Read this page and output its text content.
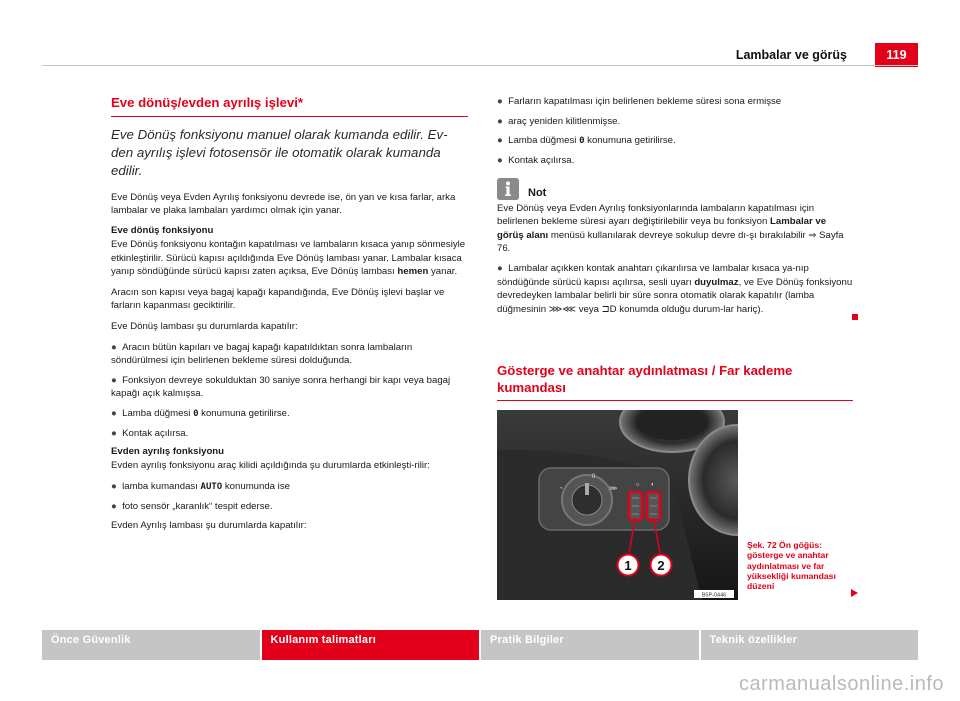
Lambalar ve görüş	119
Eve dönüş/evden ayrılış işlevi*

Eve Dönüş fonksiyonu manuel olarak kumanda edilir. Ev-den ayrılış işlevi fotosensör ile otomatik olarak kumanda edilir.

Eve Dönüş veya Evden Ayrılış fonksiyonu devrede ise, ön yan ve kısa farlar, arka lambalar ve plaka lambaları yardımcı olmak için yanar.

Eve dönüş fonksiyonu

Eve Dönüş fonksiyonu kontağın kapatılması ve lambaların kısaca yanıp sönmesiyle etkinleştirilir. Sürücü kapısı açıldığında Eve Dönüş lambası yanar. Lambalar kısaca yanıp söndüğünde sürücü kapısı zaten açıksa, Eve Dönüş lambası hemen yanar.

Aracın son kapısı veya bagaj kapağı kapandığında, Eve Dönüş işlevi başlar ve farların kapanması geciktirilir.

Eve Dönüş lambası şu durumlarda kapatılır:

● Aracın bütün kapıları ve bagaj kapağı kapatıldıktan sonra lambaların söndürülmesi için belirlenen bekleme süresi dolduğunda.
● Fonksiyon devreye sokulduktan 30 saniye sonra herhangi bir kapı veya bagaj kapağı açık kalmışsa.
● Lamba düğmesi 0 konumuna getirilirse.
● Kontak açılırsa.
Evden ayrılış fonksiyonu

Evden ayrılış fonksiyonu araç kilidi açıldığında şu durumlarda etkinleşti-rilir:

● lamba kumandası AUTO konumunda ise
● foto sensör „karanlık“ tespit ederse.

Evden Ayrılış lambası şu durumlarda kapatılır:

● Farların kapatılması için belirlenen bekleme süresi sona ermişse
● araç yeniden kilitlenmişse.
● Lamba düğmesi 0 konumuna getirilirse.
● Kontak açılırsa.
Not

Eve Dönüş veya Evden Ayrılış fonksiyonlarında lambaların kapatılması için belirlenen bekleme süresi ayarı değiştirilebilir veya bu fonksiyon Lambalar ve görüş alanı menüsü kullanılarak devreye sokulup devre dı-şı bırakılabilir ⇒ Sayfa 76.

● Lambalar açıkken kontak anahtarı çıkarılırsa ve lambalar kısaca ya-nıp söndüğünde sürücü kapısı açılırsa, sesli uyarı duyulmaz, ve Eve Dönüş fonksiyonu devredeyken lambalar belirli bir süre sonra otomatik olarak kapatılır (lamba düğmesinin ⋙⋘ veya ⊐D konumda olduğu durum-lar hariç).
Gösterge ve anahtar aydınlatması / Far kademe kumandası
◔
0
⋙
☼ ◐
1 2
B5P-0446
Şek. 72 Ön göğüs: gösterge ve anahtar aydınlatması ve far yüksekliği kumandası düzeni
Önce Güvenlik	Kullanım talimatları	Pratik Bilgiler	Teknik özellikler
carmanualsonline.info
